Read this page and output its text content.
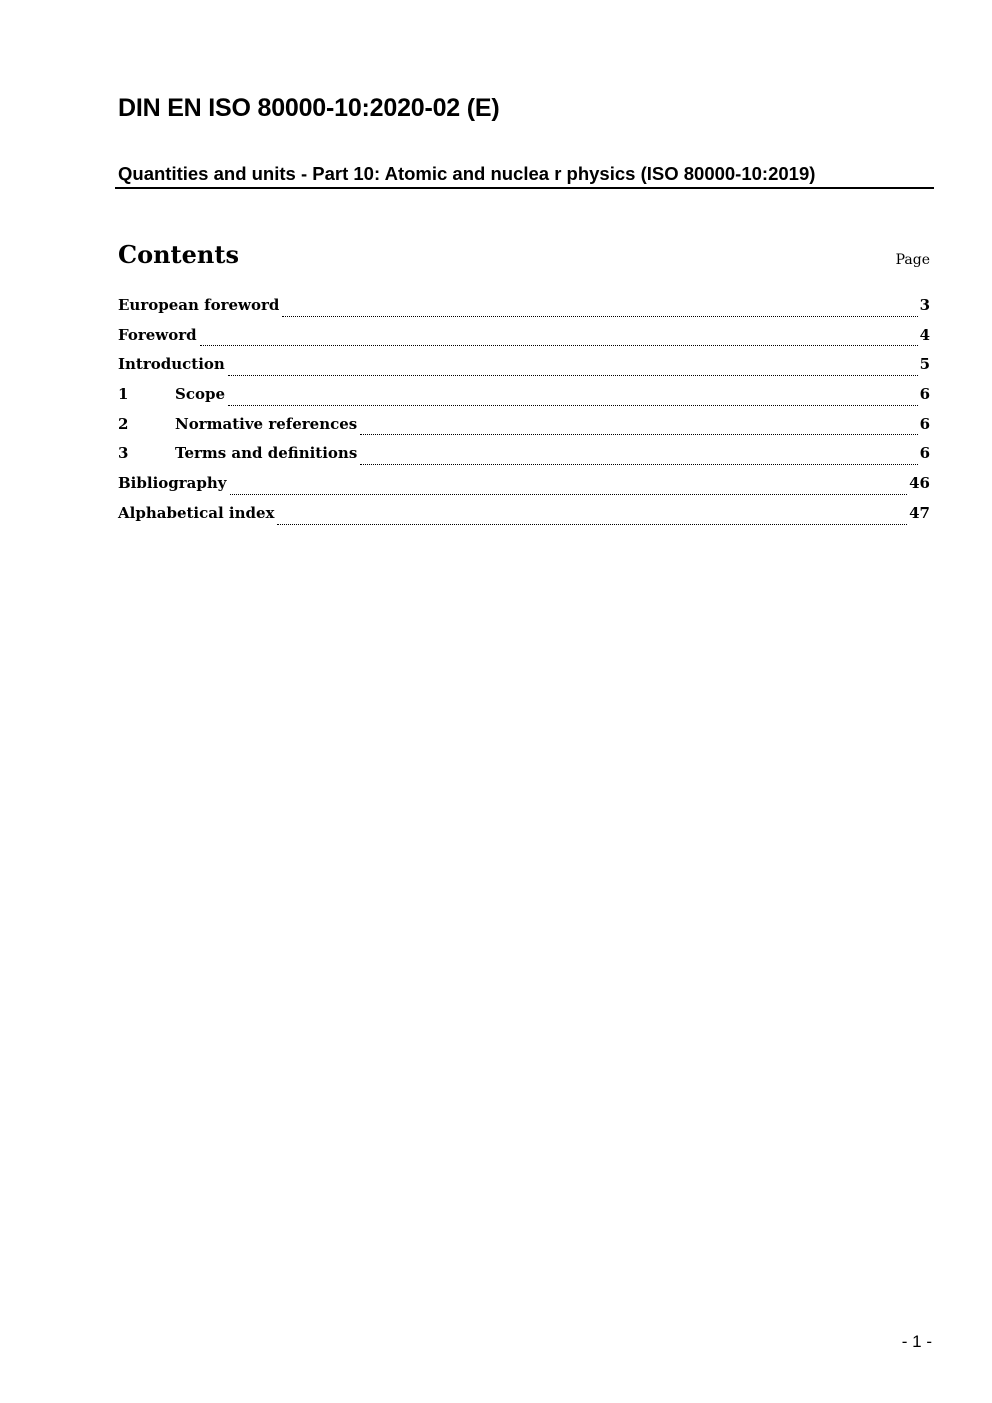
DIN EN ISO 80000-10:2020-02 (E)
Quantities and units - Part 10: Atomic and nuclea r physics (ISO 80000-10:2019)
Contents	Page
European foreword	3
Foreword	4
Introduction	5
1	Scope	6
2	Normative references	6
3	Terms and definitions	6
Bibliography	46
Alphabetical index	47
- 1 -
